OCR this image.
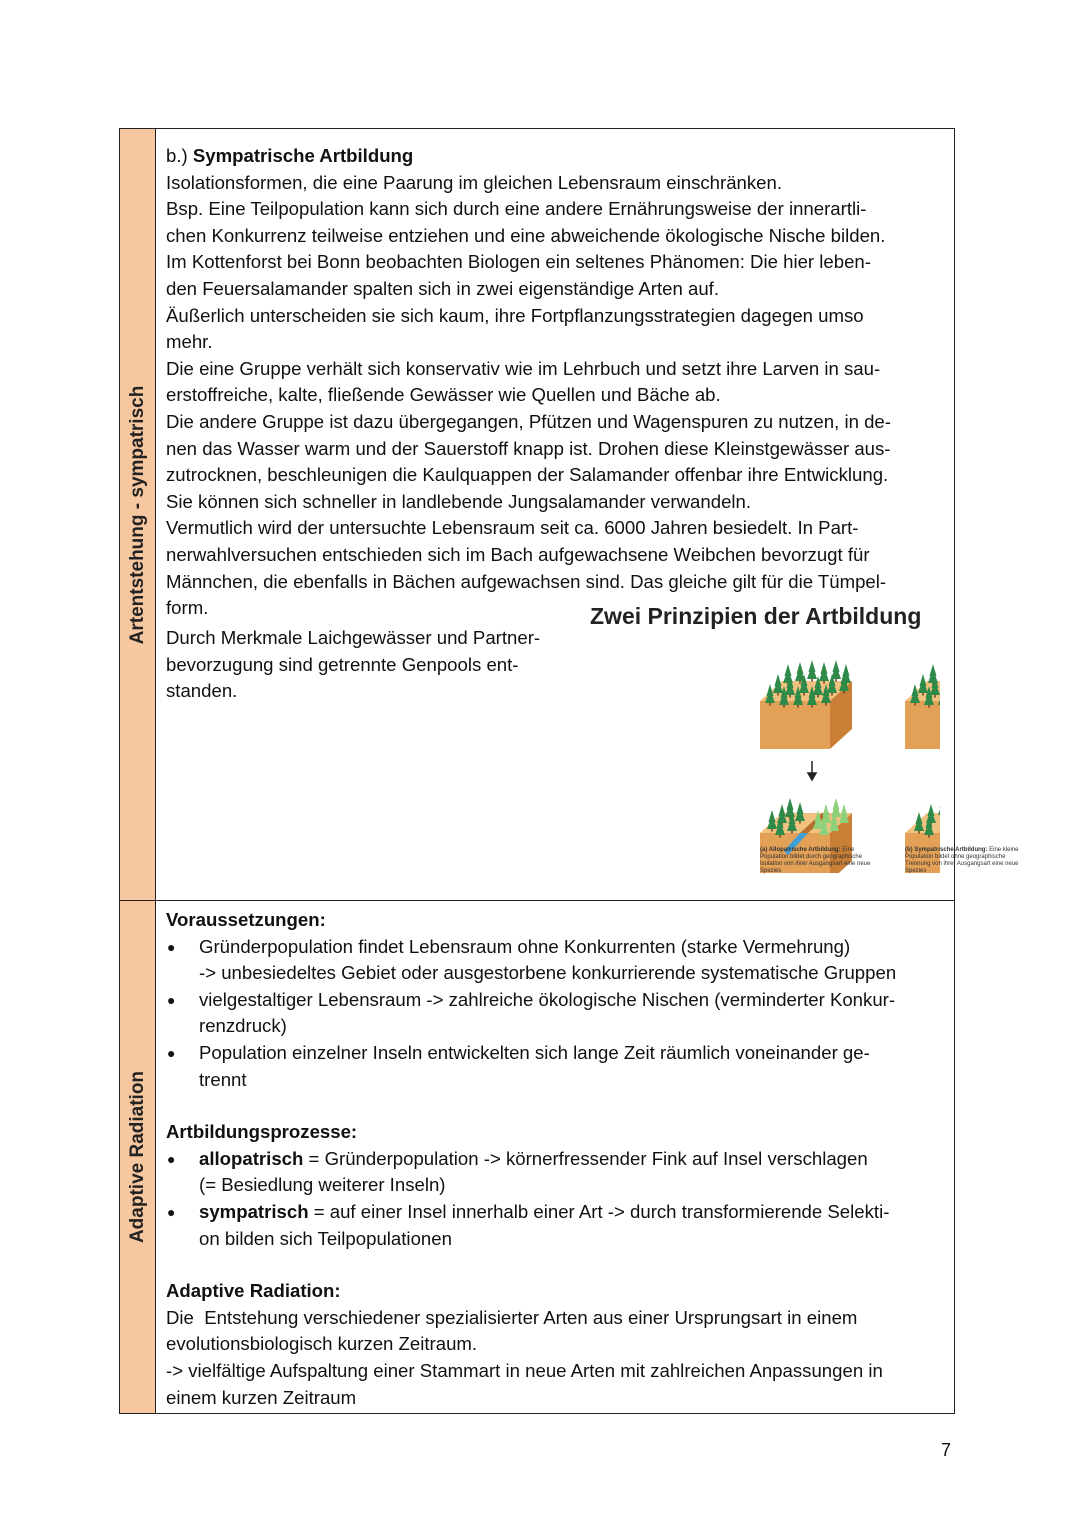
Artentstehung - sympatrisch

b.) Sympatrische Artbildung

Isolationsformen, die eine Paarung im gleichen Lebensraum einschränken.

Bsp. Eine Teilpopulation kann sich durch eine andere Ernährungsweise der innerartli-

chen Konkurrenz teilweise entziehen und eine abweichende ökologische Nische bilden.

Im Kottenforst bei Bonn beobachten Biologen ein seltenes Phänomen: Die hier leben-

den Feuersalamander spalten sich in zwei eigenständige Arten auf.

Äußerlich unterscheiden sie sich kaum, ihre Fortpflanzungsstrategien dagegen umso

mehr.

Die eine Gruppe verhält sich konservativ wie im Lehrbuch und setzt ihre Larven in sau-

erstoffreiche, kalte, fließende Gewässer wie Quellen und Bäche ab.

Die andere Gruppe ist dazu übergegangen, Pfützen und Wagenspuren zu nutzen, in de-

nen das Wasser warm und der Sauerstoff knapp ist. Drohen diese Kleinstgewässer aus-

zutrocknen, beschleunigen die Kaulquappen der Salamander offenbar ihre Entwicklung.

Sie können sich schneller in landlebende Jungsalamander verwandeln.

Vermutlich wird der untersuchte Lebensraum seit ca. 6000 Jahren besiedelt. In Part-

nerwahlversuchen entschieden sich im Bach aufgewachsene Weibchen bevorzugt für

Männchen, die ebenfalls in Bächen aufgewachsen sind. Das gleiche gilt für die Tümpel-

form.

Durch Merkmale Laichgewässer und Partner-

bevorzugung sind getrennte Genpools ent-

standen.

Zwei Prinzipien der Artbildung
(a) Allopatrische Artbildung: Eine Population bildet durch geographische Isolation von ihrer Ausgangsart eine neue Spezies
(b) Sympatrische Artbildung: Eine kleine Population bildet ohne geographische Trennung von ihrer Ausgangsart eine neue Spezies
Adaptive Radiation

Voraussetzungen:

● Gründerpopulation findet Lebensraum ohne Konkurrenten (starke Vermehrung)
-> unbesiedeltes Gebiet oder ausgestorbene konkurrierende systematische Gruppen
● vielgestaltiger Lebensraum -> zahlreiche ökologische Nischen (verminderter Konkur-
renzdruck)
● Population einzelner Inseln entwickelten sich lange Zeit räumlich voneinander ge-
trennt

Artbildungsprozesse:

● allopatrisch = Gründerpopulation -> körnerfressender Fink auf Insel verschlagen
(= Besiedlung weiterer Inseln)
● sympatrisch = auf einer Insel innerhalb einer Art -> durch transformierende Selekti-
on bilden sich Teilpopulationen

Adaptive Radiation:

Die  Entstehung verschiedener spezialisierter Arten aus einer Ursprungsart in einem

evolutionsbiologisch kurzen Zeitraum.

-> vielfältige Aufspaltung einer Stammart in neue Arten mit zahlreichen Anpassungen in

einem kurzen Zeitraum

7
